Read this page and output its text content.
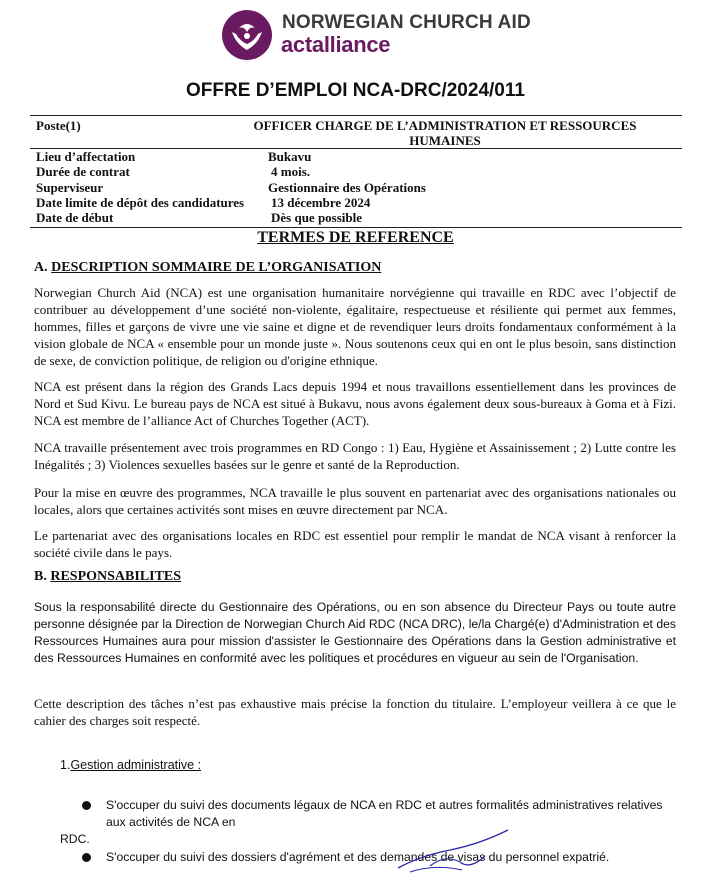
NORWEGIAN CHURCH AID
actalliance
OFFRE D’EMPLOI NCA-DRC/2024/011
Poste(1)	OFFICER CHARGE DE L’ADMINISTRATION ET RESSOURCES HUMAINES
Lieu d’affectation	Bukavu
Durée de contrat	4 mois.
Superviseur	Gestionnaire des Opérations
Date limite de dépôt des candidatures 13 décembre 2024
Date de début	Dès que possible
TERMES DE REFERENCE
A. DESCRIPTION SOMMAIRE DE L’ORGANISATION
Norwegian Church Aid (NCA) est une organisation humanitaire norvégienne qui travaille en RDC avec l’objectif de contribuer au développement d’une société non-violente, égalitaire, respectueuse et résiliente qui permet aux femmes, hommes, filles et garçons de vivre une vie saine et digne et de revendiquer leurs droits fondamentaux conformément à la vision globale de NCA « ensemble pour un monde juste ». Nous soutenons ceux qui en ont le plus besoin, sans distinction de sexe, de conviction politique, de religion ou d'origine ethnique.
NCA est présent dans la région des Grands Lacs depuis 1994 et nous travaillons essentiellement dans les provinces de Nord et Sud Kivu. Le bureau pays de NCA est situé à Bukavu, nous avons également deux sous-bureaux à Goma et à Fizi. NCA est membre de l’alliance Act of Churches Together (ACT).
NCA travaille présentement avec trois programmes en RD Congo : 1) Eau, Hygiène et Assainissement ; 2) Lutte contre les Inégalités ; 3) Violences sexuelles basées sur le genre et santé de la Reproduction.
Pour la mise en œuvre des programmes, NCA travaille le plus souvent en partenariat avec des organisations nationales ou locales, alors que certaines activités sont mises en œuvre directement par NCA.
Le partenariat avec des organisations locales en RDC est essentiel pour remplir le mandat de NCA visant à renforcer la société civile dans le pays.
B. RESPONSABILITES
Sous la responsabilité directe du Gestionnaire des Opérations, ou en son absence du Directeur Pays ou toute autre personne désignée par la Direction de Norwegian Church Aid RDC (NCA DRC), le/la Chargé(e) d'Administration et des Ressources Humaines aura pour mission d'assister le Gestionnaire des Opérations dans la Gestion administrative et des Ressources Humaines en conformité avec les politiques et procédures en vigueur au sein de l'Organisation.
Cette description des tâches n’est pas exhaustive mais précise la fonction du titulaire. L’employeur veillera à ce que le cahier des charges soit respecté.
1.Gestion administrative :
S'occuper du suivi des documents légaux de NCA en RDC et autres formalités administratives relatives aux activités de NCA en
RDC.
S'occuper du suivi des dossiers d'agrément et des demandes de visas du personnel expatrié.
